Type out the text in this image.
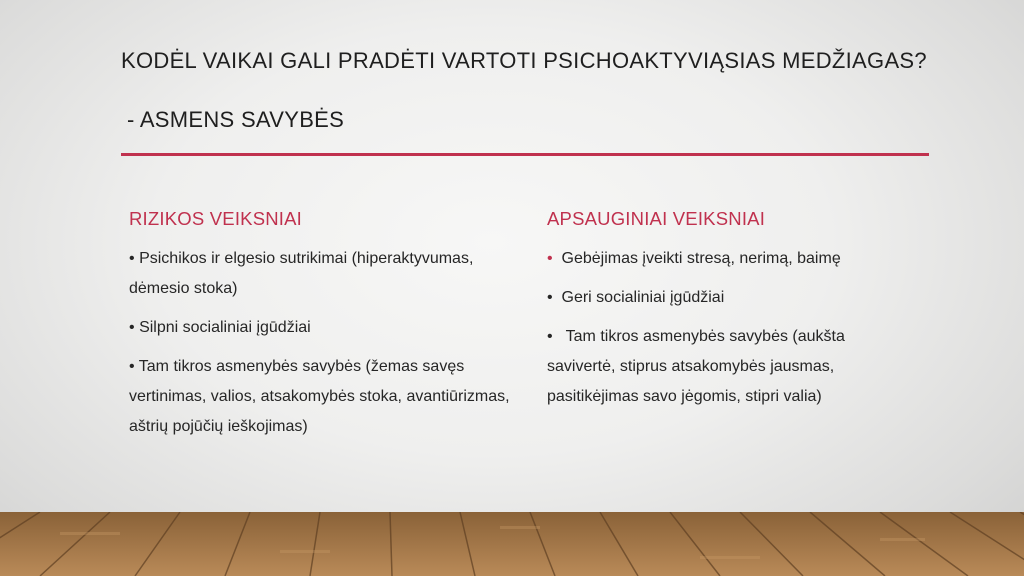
KODĖL VAIKAI GALI PRADĖTI VARTOTI PSICHOAKTYVIĄSIAS MEDŽIAGAS?
- ASMENS SAVYBĖS
RIZIKOS VEIKSNIAI
• Psichikos ir elgesio sutrikimai (hiperaktyvumas, dėmesio stoka)
• Silpni socialiniai įgūdžiai
• Tam tikros asmenybės savybės (žemas savęs vertinimas, valios, atsakomybės stoka, avantiūrizmas, aštrių pojūčių ieškojimas)
APSAUGINIAI VEIKSNIAI
• Gebėjimas įveikti stresą, nerimą, baimę
• Geri socialiniai įgūdžiai
• Tam tikros asmenybės savybės (aukšta savivertė, stiprus atsakomybės jausmas, pasitikėjimas savo jėgomis, stipri valia)
